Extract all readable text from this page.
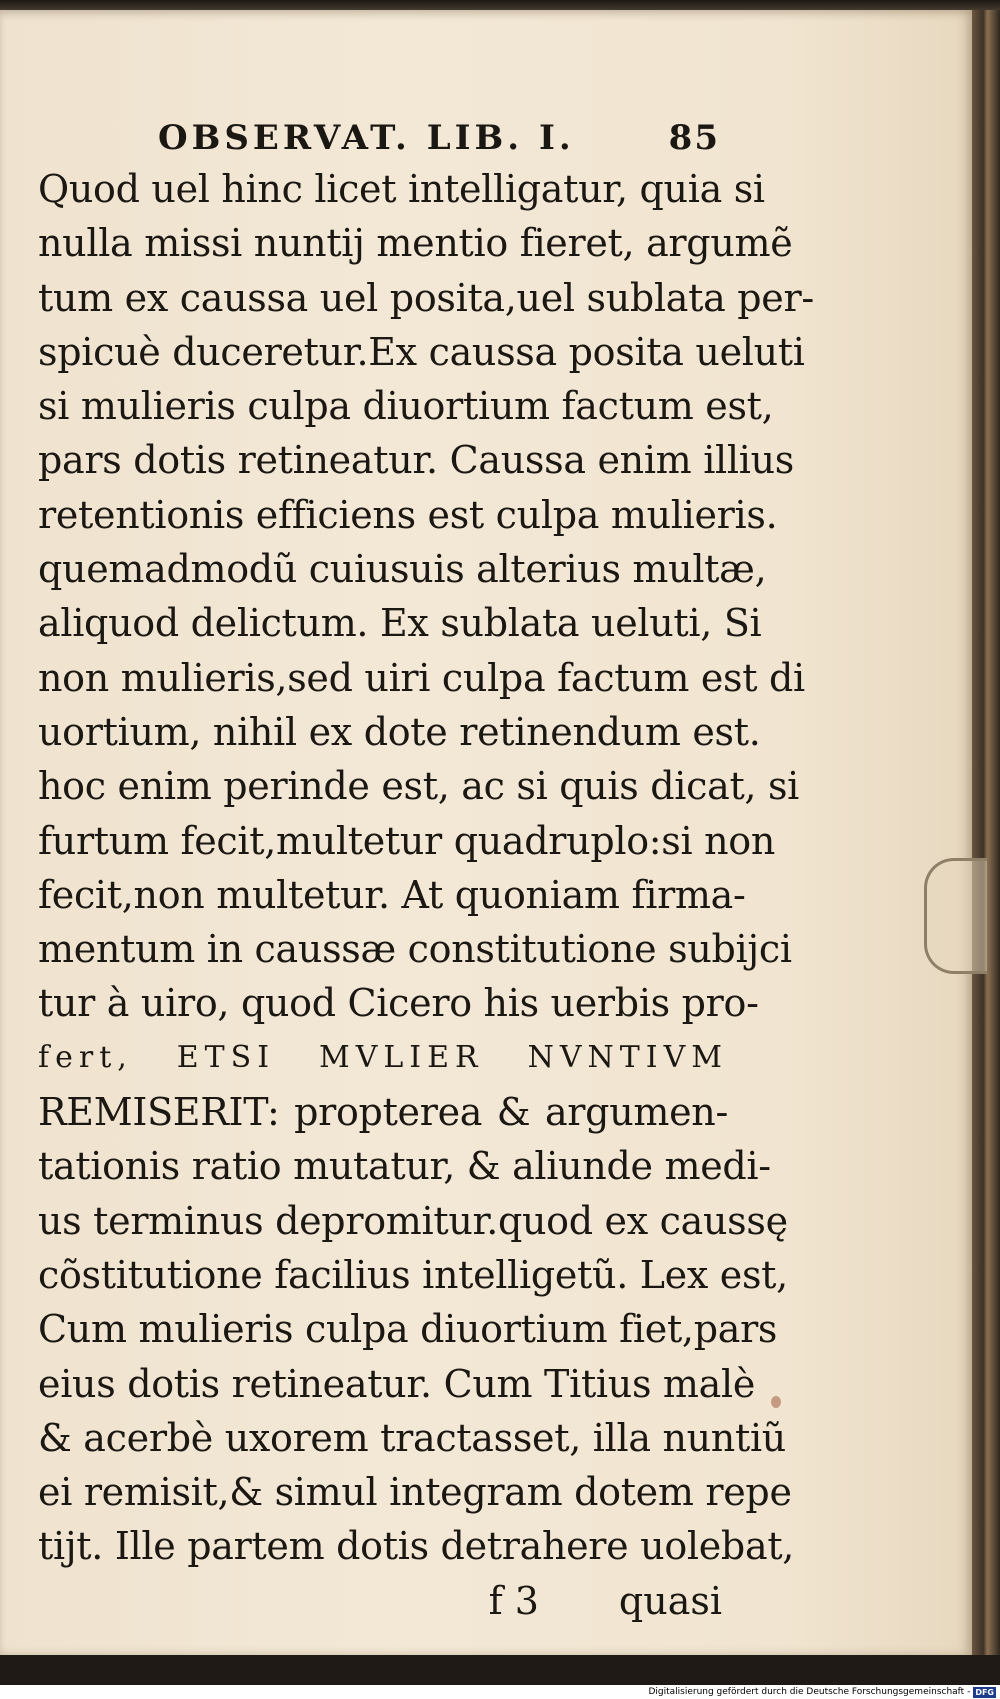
OBSERVAT. LIB. I.	85
Quod uel hinc licet intelligatur, quia si
nulla missi nuntij mentio fieret, argumẽ
tum ex caussa uel posita,uel sublata per-
spicuè duceretur.Ex caussa posita ueluti
si mulieris culpa diuortium factum est,
pars dotis retineatur. Caussa enim illius
retentionis efficiens est culpa mulieris.
quemadmodũ cuiusuis alterius multæ,
aliquod delictum. Ex sublata ueluti, Si
non mulieris,sed uiri culpa factum est di
uortium, nihil ex dote retinendum est.
hoc enim perinde est, ac si quis dicat, si
furtum fecit,multetur quadruplo:si non
fecit,non multetur. At quoniam firma-
mentum in caussæ constitutione subijci
tur à uiro, quod Cicero his uerbis pro-
fert, ETSI MVLIER NVNTIVM
REMISERIT: propterea & argumen-
tationis ratio mutatur, & aliunde medi-
us terminus depromitur.quod ex caussę
cõstitutione facilius intelligetũ. Lex est,
Cum mulieris culpa diuortium fiet,pars
eius dotis retineatur. Cum Titius malè
& acerbè uxorem tractasset, illa nuntiũ
ei remisit,& simul integram dotem repe
tijt. Ille partem dotis detrahere uolebat,
f 3 quasi
Digitalisierung gefördert durch die Deutsche Forschungsgemeinschaft - DFG
